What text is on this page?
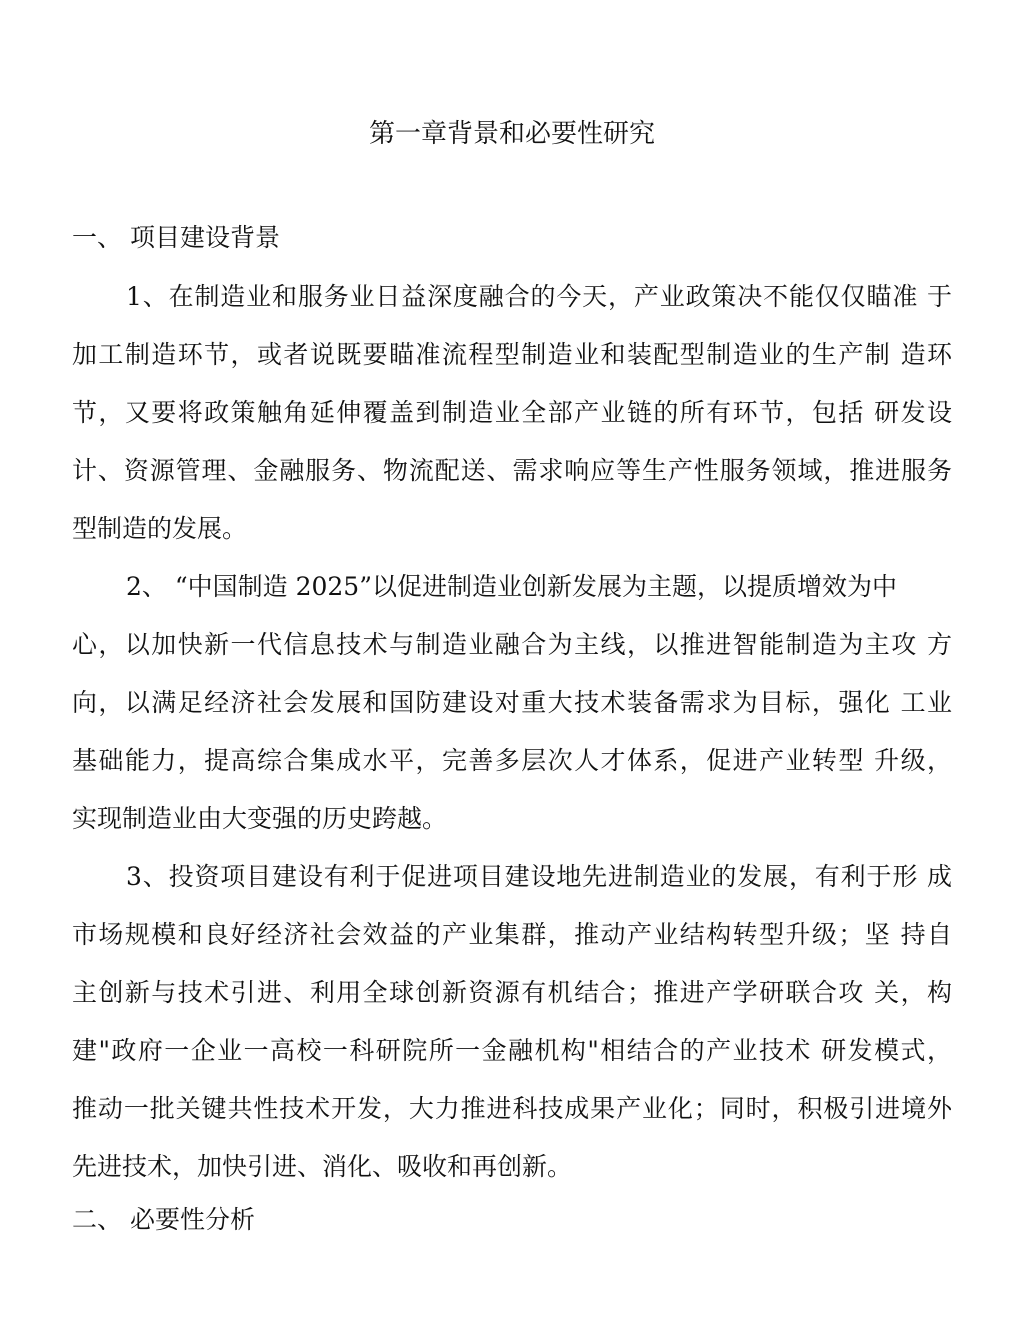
第一章背景和必要性研究
一、 项目建设背景
1、在制造业和服务业日益深度融合的今天，产业政策决不能仅仅瞄准 于
加工制造环节，或者说既要瞄准流程型制造业和装配型制造业的生产制 造环
节，又要将政策触角延伸覆盖到制造业全部产业链的所有环节，包括 研发设
计、资源管理、金融服务、物流配送、需求响应等生产性服务领域，推进服务
型制造的发展。
2、 “中国制造 2025”以促进制造业创新发展为主题，以提质增效为中
心，以加快新一代信息技术与制造业融合为主线，以推进智能制造为主攻 方
向，以满足经济社会发展和国防建设对重大技术装备需求为目标，强化 工业
基础能力，提高综合集成水平，完善多层次人才体系，促进产业转型 升级，
实现制造业由大变强的历史跨越。
3、投资项目建设有利于促进项目建设地先进制造业的发展，有利于形 成
市场规模和良好经济社会效益的产业集群，推动产业结构转型升级；坚 持自
主创新与技术引进、利用全球创新资源有机结合；推进产学研联合攻 关，构
建"政府一企业一高校一科研院所一金融机构"相结合的产业技术 研发模式，
推动一批关键共性技术开发，大力推进科技成果产业化；同时，积极引进境外
先进技术，加快引进、消化、吸收和再创新。
二、 必要性分析
